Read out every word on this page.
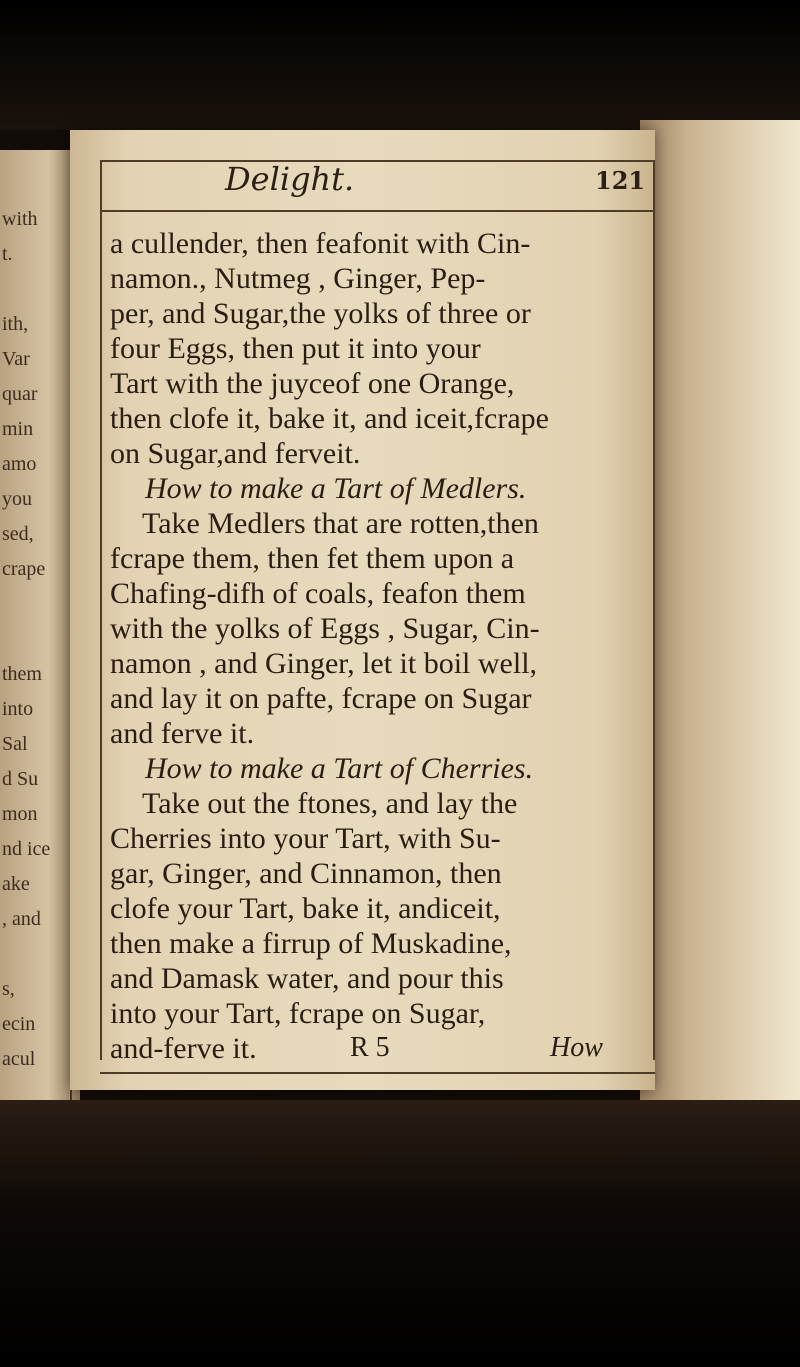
with
t.
ith,
Var
quar
min
amo
you
sed,
crape
them
into
Sal
d Su
mon
nd ice
ake
, and
s,
ecin
acul
Delight.	121
a cullender, then feafonit with Cin-
namon., Nutmeg , Ginger, Pep-
per, and Sugar,the yolks of three or
four Eggs, then put it into your
Tart with the juyceof one Orange,
then clofe it, bake it, and iceit,fcrape
on Sugar,and ferveit.
How to make a Tart of Medlers.
Take Medlers that are rotten,then
fcrape them, then fet them upon a
Chafing-difh of coals, feafon them
with the yolks of Eggs , Sugar, Cin-
namon , and Ginger, let it boil well,
and lay it on pafte, fcrape on Sugar
and ferve it.
How to make a Tart of Cherries.
Take out the ftones, and lay the
Cherries into your Tart, with Su-
gar, Ginger, and Cinnamon, then
clofe your Tart, bake it, andiceit,
then make a firrup of Muskadine,
and Damask water, and pour this
into your Tart, fcrape on Sugar,
and-ferve it.	R 5	How
